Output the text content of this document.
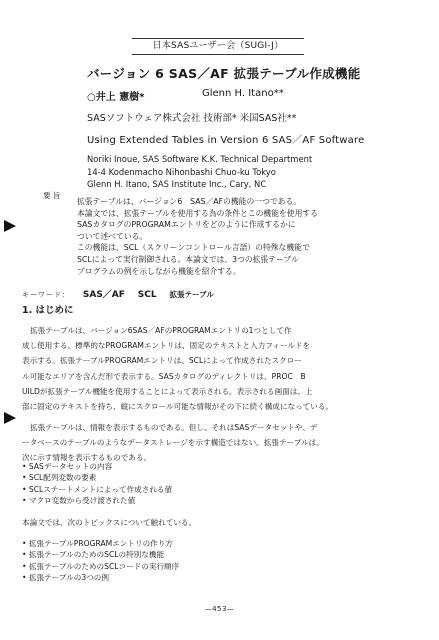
日本SASユーザー会（SUGI-J）
バージョン 6 SAS／AF 拡張テーブル作成機能
○井上 憲樹*	Glenn H. Itano**
SASソフトウェア株式会社 技術部* 米国SAS社**
Using Extended Tables in Version 6 SAS／AF Software
Noriki Inoue, SAS Software K.K. Technical Department
14-4 Kodenmacho Nihonbashi Chuo-ku Tokyo
Glenn H. Itano, SAS Institute Inc., Cary, NC
要 旨

拡張テーブルは、バージョン6　SAS／AFの機能の一つである。

本論文では、拡張テーブルを使用する為の条件とこの機能を使用する

SASカタログのPROGRAMエントリをどのように作成するかに

ついて述べている。

この機能は、SCL（スクリーンコントロール言語）の特殊な機能で

SCLによって実行制御される。本論文では、3つの拡張テーブル

プログラムの例を示しながら機能を紹介する。

キーワード： SAS／AF SCL 拡張テーブル
1. はじめに

拡張テーブルは、バージョン6SAS／AFのPROGRAMエントリの1つとして作

成し使用する。標準的なPROGRAMエントリは、固定のテキストと入力フィールドを

表示する。拡張テーブルPROGRAMエントリは、SCLによって作成されたスクロー

ル可能なエリアを含んだ形で表示する。SASカタログのディレクトリは、PROC　B

UILDが拡張テーブル機能を使用することによって表示される。表示される画面は、上

部に固定のテキストを持ち、縦にスクロール可能な情報がその下に続く構成になっている。

拡張テーブルは、情報を表示するものである。但し、それはSASデータセットや、デ

ータベースのテーブルのようなデータストレージを示す構造ではない。拡張テーブルは、

次に示す情報を表示するものである。

• SASデータセットの内容
• SCL配列変数の要素
• SCLステートメントによって作成される値
• マクロ変数から受け渡された値
本論文では、次のトピックスについて触れている。
• 拡張テーブルPROGRAMエントリの作り方
• 拡張テーブルのためのSCLの特別な機能
• 拡張テーブルのためのSCLコードの実行順序
• 拡張テーブルの3つの例
—453—
